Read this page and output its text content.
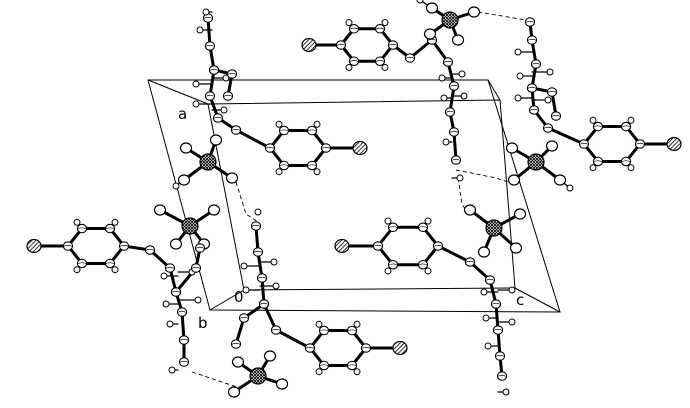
a
b
c
0
